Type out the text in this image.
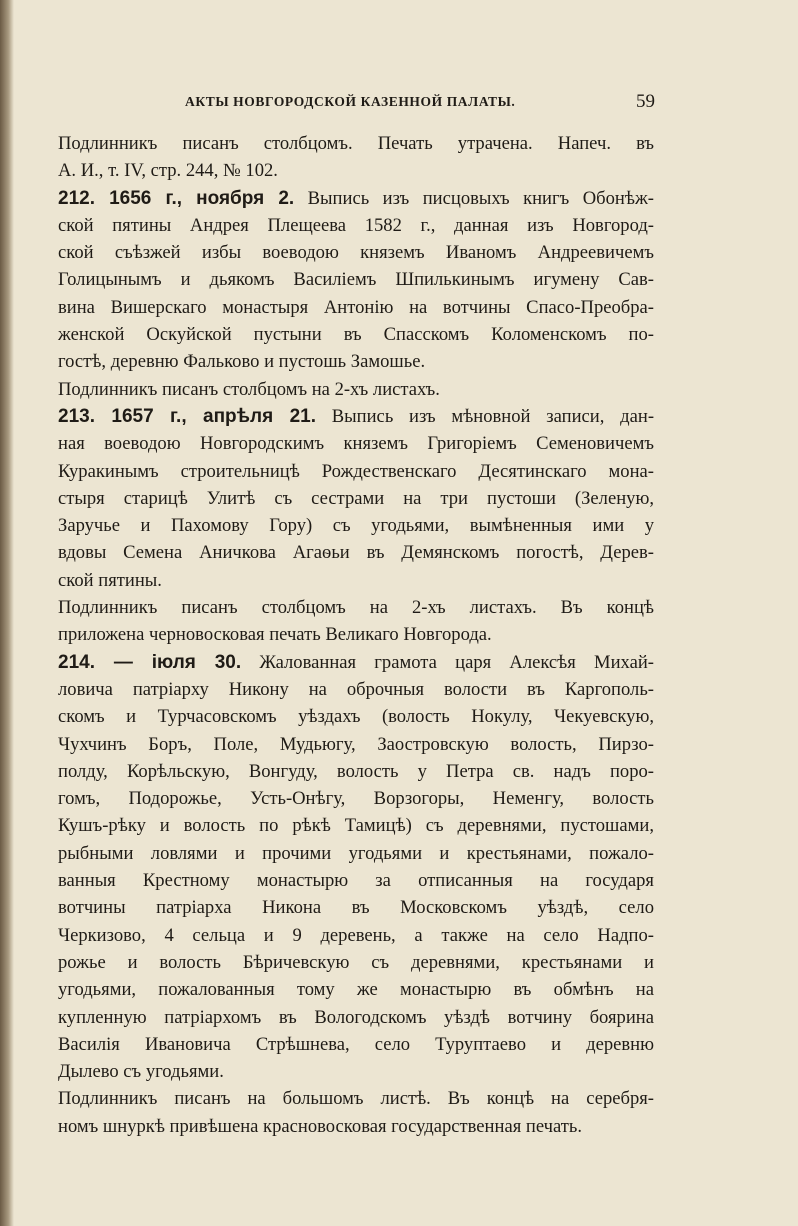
АКТЫ НОВГОРОДСКОЙ КАЗЕННОЙ ПАЛАТЫ.	59
Подлинникъ писанъ столбцомъ. Печать утрачена. Напеч. въ
А. И., т. IV, стр. 244, № 102.
212. 1656 г., ноября 2. Выпись изъ писцовыхъ книгъ Обонѣж-
ской пятины Андрея Плещеева 1582 г., данная изъ Новгород-
ской съѣзжей избы воеводою княземъ Иваномъ Андреевичемъ
Голицынымъ и дьякомъ Василіемъ Шпилькинымъ игумену Сав-
вина Вишерскаго монастыря Антонію на вотчины Спасо-Преобра-
женской Оскуйской пустыни въ Спасскомъ Коломенскомъ по-
гостѣ, деревню Фальково и пустошь Замошье.
Подлинникъ писанъ столбцомъ на 2-хъ листахъ.
213. 1657 г., апрѣля 21. Выпись изъ мѣновной записи, дан-
ная воеводою Новгородскимъ княземъ Григоріемъ Семеновичемъ
Куракинымъ строительницѣ Рождественскаго Десятинскаго мона-
стыря старицѣ Улитѣ съ сестрами на три пустоши (Зеленую,
Заручье и Пахомову Гору) съ угодьями, вымѣненныя ими у
вдовы Семена Аничкова Агаѳьи въ Демянскомъ погостѣ, Дерев-
ской пятины.
Подлинникъ писанъ столбцомъ на 2-хъ листахъ. Въ концѣ
приложена черновосковая печать Великаго Новгорода.
214. — іюля 30. Жалованная грамота царя Алексѣя Михай-
ловича патріарху Никону на оброчныя волости въ Каргополь-
скомъ и Турчасовскомъ уѣздахъ (волость Нокулу, Чекуевскую,
Чухчинъ Боръ, Поле, Мудьюгу, Заостровскую волость, Пирзо-
полду, Корѣльскую, Вонгуду, волость у Петра св. надъ поро-
гомъ, Подорожье, Усть-Онѣгу, Ворзогоры, Неменгу, волость
Кушъ-рѣку и волость по рѣкѣ Тамицѣ) съ деревнями, пустошами,
рыбными ловлями и прочими угодьями и крестьянами, пожало-
ванныя Крестному монастырю за отписанныя на государя
вотчины патріарха Никона въ Московскомъ уѣздѣ, село
Черкизово, 4 сельца и 9 деревень, а также на село Надпо-
рожье и волость Бѣричевскую съ деревнями, крестьянами и
угодьями, пожалованныя тому же монастырю въ обмѣнъ на
купленную патріархомъ въ Вологодскомъ уѣздѣ вотчину боярина
Василія Ивановича Стрѣшнева, село Туруптаево и деревню
Дылево съ угодьями.
Подлинникъ писанъ на большомъ листѣ. Въ концѣ на серебря-
номъ шнуркѣ привѣшена красновосковая государственная печать.
